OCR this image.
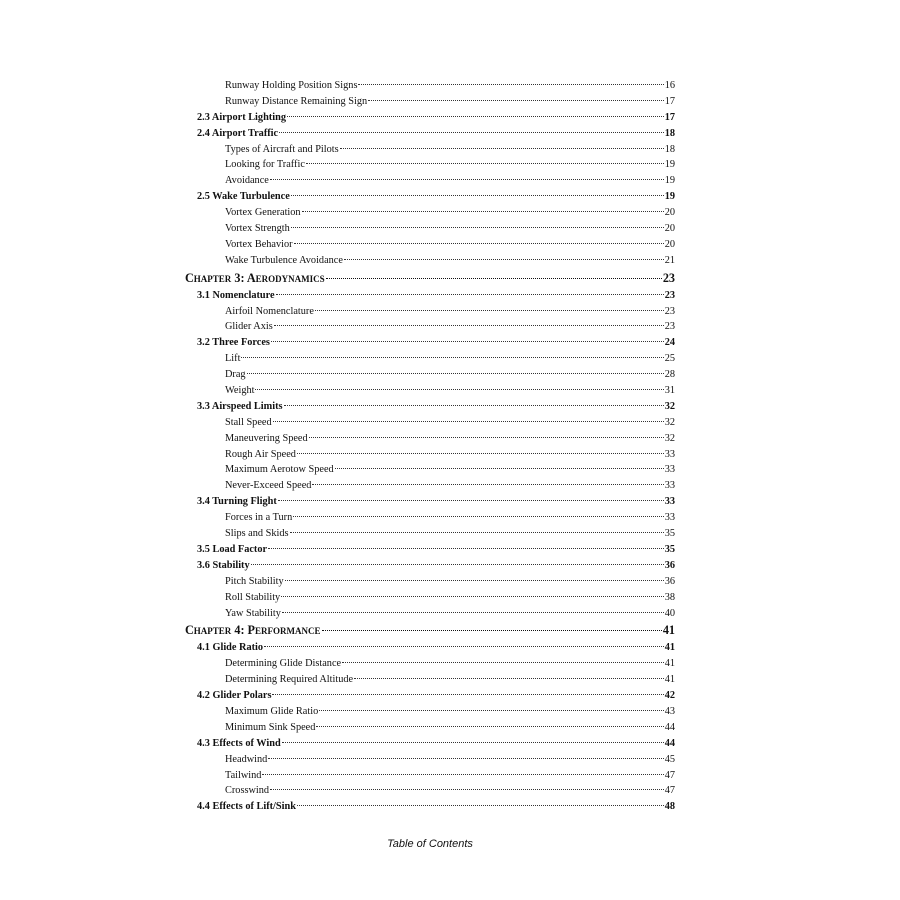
Runway Holding Position Signs	16
Runway Distance Remaining Sign	17
2.3 Airport Lighting	17
2.4 Airport Traffic	18
Types of Aircraft and Pilots	18
Looking for Traffic	19
Avoidance	19
2.5 Wake Turbulence	19
Vortex Generation	20
Vortex Strength	20
Vortex Behavior	20
Wake Turbulence Avoidance	21
Chapter 3: Aerodynamics	23
3.1 Nomenclature	23
Airfoil Nomenclature	23
Glider Axis	23
3.2 Three Forces	24
Lift	25
Drag	28
Weight	31
3.3 Airspeed Limits	32
Stall Speed	32
Maneuvering Speed	32
Rough Air Speed	33
Maximum Aerotow Speed	33
Never-Exceed Speed	33
3.4 Turning Flight	33
Forces in a Turn	33
Slips and Skids	35
3.5 Load Factor	35
3.6 Stability	36
Pitch Stability	36
Roll Stability	38
Yaw Stability	40
Chapter 4: Performance	41
4.1 Glide Ratio	41
Determining Glide Distance	41
Determining Required Altitude	41
4.2 Glider Polars	42
Maximum Glide Ratio	43
Minimum Sink Speed	44
4.3 Effects of Wind	44
Headwind	45
Tailwind	47
Crosswind	47
4.4 Effects of Lift/Sink	48
Table of Contents
